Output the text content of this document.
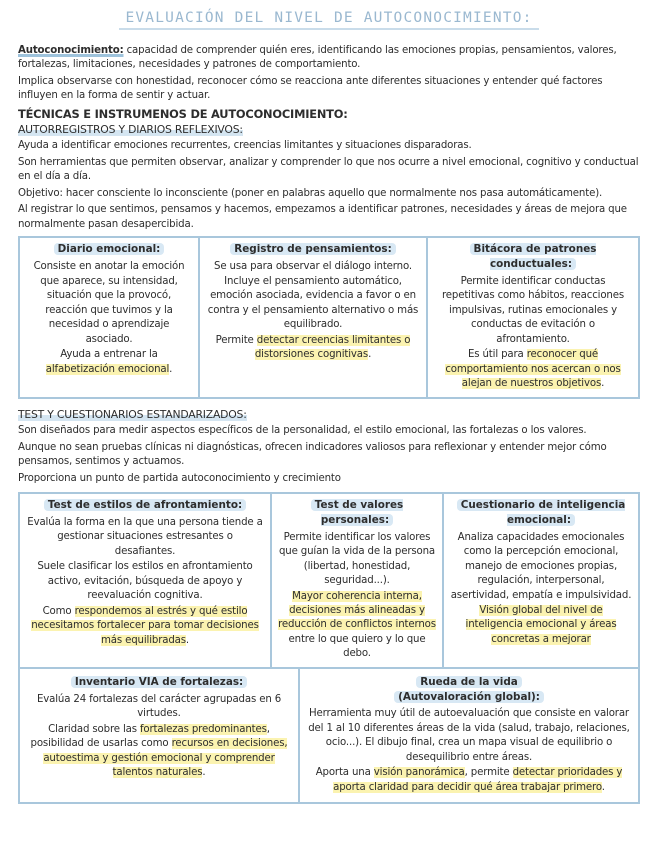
EVALUACIÓN DEL NIVEL DE AUTOCONOCIMIENTO:

Autoconocimiento: capacidad de comprender quién eres, identificando las emociones propias, pensamientos, valores, fortalezas, limitaciones, necesidades y patrones de comportamiento.

Implica observarse con honestidad, reconocer cómo se reacciona ante diferentes situaciones y entender qué factores influyen en la forma de sentir y actuar.

TÉCNICAS E INSTRUMENOS DE AUTOCONOCIMIENTO:
AUTORREGISTROS Y DIARIOS REFLEXIVOS:

Ayuda a identificar emociones recurrentes, creencias limitantes y situaciones disparadoras.

Son herramientas que permiten observar, analizar y comprender lo que nos ocurre a nivel emocional, cognitivo y conductual en el día a día.

Objetivo: hacer consciente lo inconsciente (poner en palabras aquello que normalmente nos pasa automáticamente).

Al registrar lo que sentimos, pensamos y hacemos, empezamos a identificar patrones, necesidades y áreas de mejora que normalmente pasan desapercibida.

Diario emocional:

Consiste en anotar la emoción que aparece, su intensidad, situación que la provocó, reacción que tuvimos y la necesidad o aprendizaje asociado.

Ayuda a entrenar la alfabetización emocional.

Registro de pensamientos:

Se usa para observar el diálogo interno. Incluye el pensamiento automático, emoción asociada, evidencia a favor o en contra y el pensamiento alternativo o más equilibrado.

Permite detectar creencias limitantes o distorsiones cognitivas.

Bitácora de patrones conductuales:

Permite identificar conductas repetitivas como hábitos, reacciones impulsivas, rutinas emocionales y conductas de evitación o afrontamiento.

Es útil para reconocer qué comportamiento nos acercan o nos alejan de nuestros objetivos.

TEST Y CUESTIONARIOS ESTANDARIZADOS:

Son diseñados para medir aspectos específicos de la personalidad, el estilo emocional, las fortalezas o los valores.

Aunque no sean pruebas clínicas ni diagnósticas, ofrecen indicadores valiosos para reflexionar y entender mejor cómo pensamos, sentimos y actuamos.

Proporciona un punto de partida autoconocimiento y crecimiento

Test de estilos de afrontamiento:

Evalúa la forma en la que una persona tiende a gestionar situaciones estresantes o desafiantes.

Suele clasificar los estilos en afrontamiento activo, evitación, búsqueda de apoyo y reevaluación cognitiva.

Como respondemos al estrés y qué estilo necesitamos fortalecer para tomar decisiones más equilibradas.

Test de valores personales:

Permite identificar los valores que guían la vida de la persona (libertad, honestidad, seguridad...).

Mayor coherencia interna, decisiones más alineadas y reducción de conflictos internos entre lo que quiero y lo que debo.

Cuestionario de inteligencia emocional:

Analiza capacidades emocionales como la percepción emocional, manejo de emociones propias, regulación, interpersonal, asertividad, empatía e impulsividad.

Visión global del nivel de inteligencia emocional y áreas concretas a mejorar

Inventario VIA de fortalezas:

Evalúa 24 fortalezas del carácter agrupadas en 6 virtudes.

Claridad sobre las fortalezas predominantes, posibilidad de usarlas como recursos en decisiones, autoestima y gestión emocional y comprender talentos naturales.

Rueda de la vida
(Autovaloración global):

Herramienta muy útil de autoevaluación que consiste en valorar del 1 al 10 diferentes áreas de la vida (salud, trabajo, relaciones, ocio...). El dibujo final, crea un mapa visual de equilibrio o desequilibrio entre áreas.

Aporta una visión panorámica, permite detectar prioridades y aporta claridad para decidir qué área trabajar primero.
